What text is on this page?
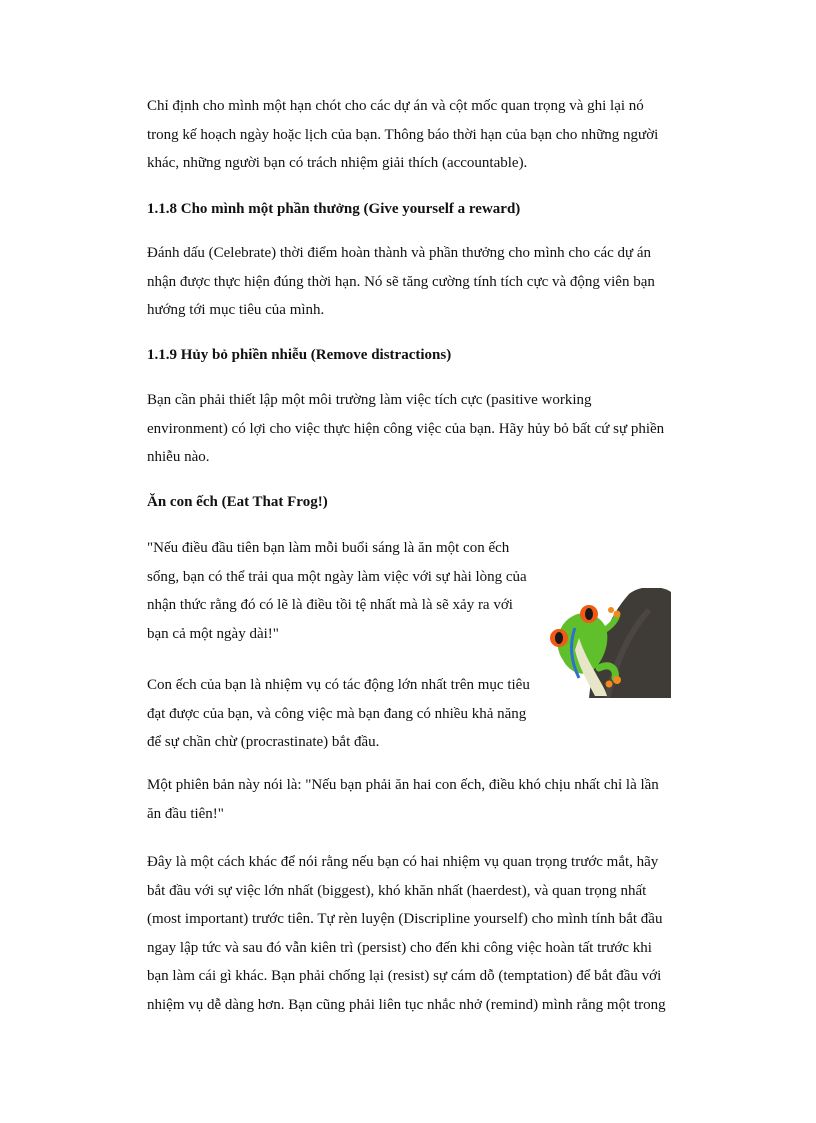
Chỉ định cho mình một hạn chót cho các dự án và cột mốc quan trọng và ghi lại nó trong kế hoạch ngày hoặc lịch của bạn. Thông báo thời hạn của bạn cho những người khác, những người bạn có trách nhiệm giải thích (accountable).

1.1.8 Cho mình một phần thưởng (Give yourself a reward)

Đánh dấu (Celebrate) thời điểm hoàn thành và phần thưởng cho mình cho các dự án nhận được thực hiện đúng thời hạn. Nó sẽ tăng cường tính tích cực và động viên bạn hướng tới mục tiêu của mình.

1.1.9 Hủy bỏ phiền nhiễu (Remove distractions)

Bạn cần phải thiết lập một môi trường làm việc tích cực (pasitive working environment) có lợi cho việc thực hiện công việc của bạn. Hãy hủy bỏ bất cứ sự phiền nhiễu nào.

Ăn con ếch (Eat That Frog!)

"Nếu điều đầu tiên bạn làm mỗi buổi sáng là ăn một con ếch sống, bạn có thể trải qua một ngày làm việc với sự hài lòng của nhận thức rằng đó có lẽ là điều tồi tệ nhất mà là sẽ xảy ra với bạn cả một ngày dài!"

Con ếch của bạn là nhiệm vụ có tác động lớn nhất trên mục tiêu đạt được của bạn, và công việc mà bạn đang có nhiều khả năng để sự chần chừ (procrastinate) bắt đầu.

Một phiên bản này nói là: "Nếu bạn phải ăn hai con ếch, điều khó chịu nhất chỉ là lần ăn đầu tiên!"

Đây là một cách khác để nói rằng nếu bạn có hai nhiệm vụ quan trọng trước mắt, hãy bắt đầu với sự việc lớn nhất (biggest), khó khăn nhất (haerdest), và quan trọng nhất (most important) trước tiên. Tự rèn luyện (Discripline yourself) cho mình tính bắt đầu ngay lập tức và sau đó vẫn kiên trì (persist) cho đến khi công việc hoàn tất trước khi bạn làm cái gì khác. Bạn phải chống lại (resist) sự cám dỗ (temptation) để bắt đầu với nhiệm vụ dễ dàng hơn. Bạn cũng phải liên tục nhắc nhở (remind) mình rằng một trong
